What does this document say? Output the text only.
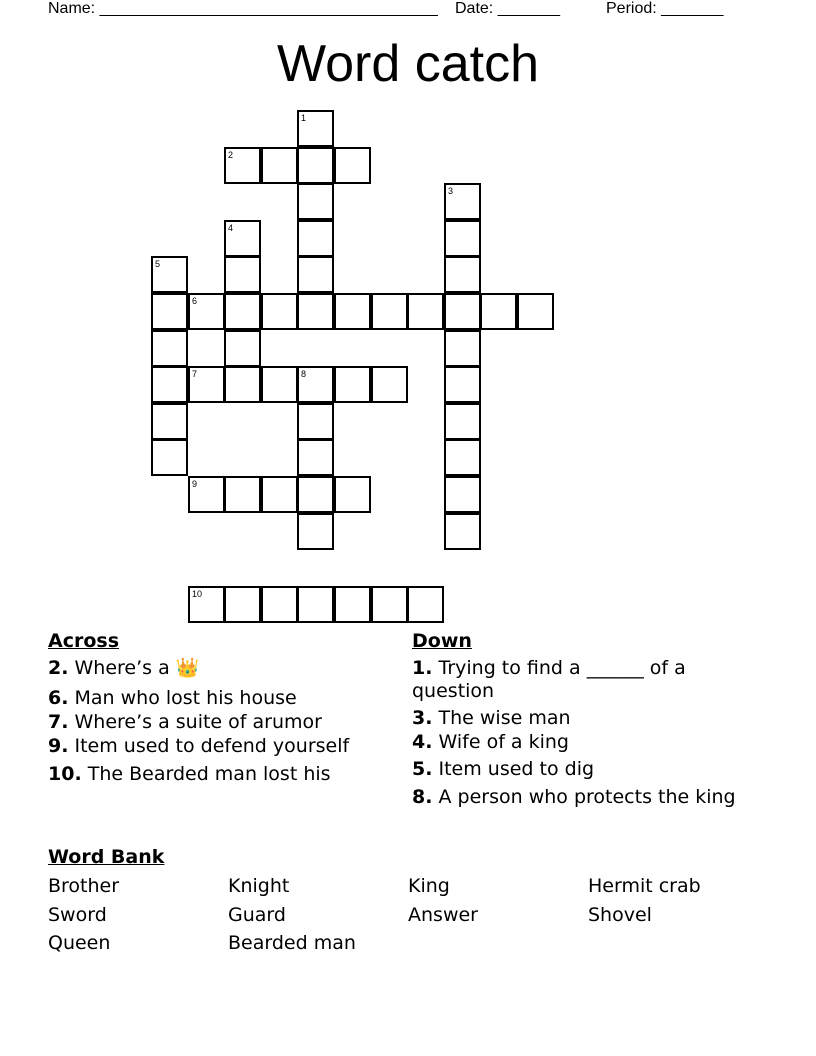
Name: ______________________________________ Date: _______	Period: _______
Word catch
1
2
3
4
5
6
7	8
9
10
Across
2. Where’s a 👑
6. Man who lost his house
7. Where’s a suite of arumor
9. Item used to defend yourself
10. The Bearded man lost his
Down
1. Trying to find a ______ of a question
3. The wise man
4. Wife of a king
5. Item used to dig
8. A person who protects the king
Word Bank
Brother	Knight	King	Hermit crab
Sword	Guard	Answer	Shovel
Queen	Bearded man
